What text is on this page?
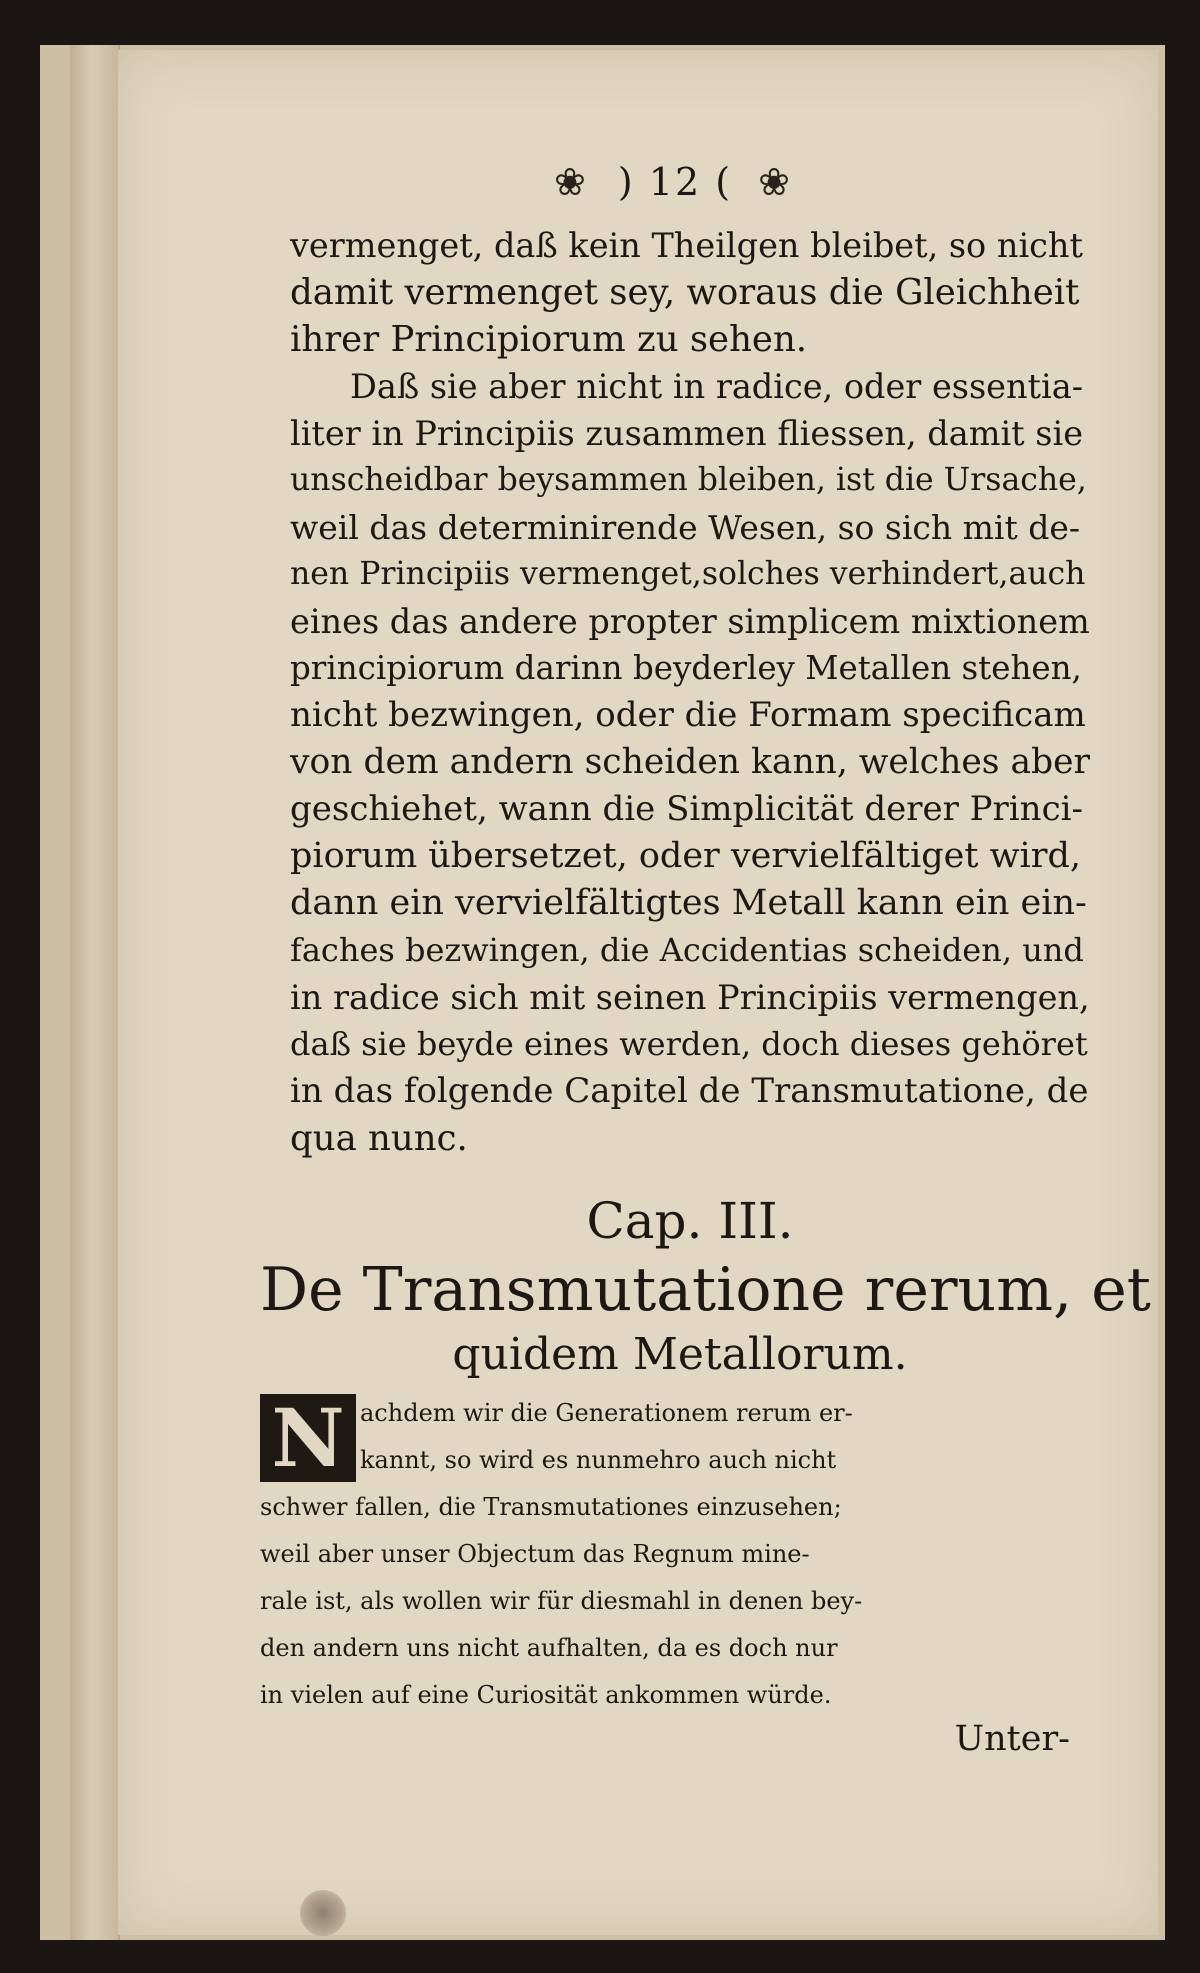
❀ ) 12 ( ❀

vermenget, daß kein Theilgen bleibet, so nicht
damit vermenget sey, woraus die Gleichheit
ihrer Principiorum zu sehen.

Daß sie aber nicht in radice, oder essentia-
liter in Principiis zusammen fliessen, damit sie
unscheidbar beysammen bleiben, ist die Ursache,
weil das determinirende Wesen, so sich mit de-
nen Principiis vermenget,solches verhindert,auch
eines das andere propter simplicem mixtionem
principiorum darinn beyderley Metallen stehen,
nicht bezwingen, oder die Formam specificam
von dem andern scheiden kann, welches aber
geschiehet, wann die Simplicität derer Princi-
piorum übersetzet, oder vervielfältiget wird,
dann ein vervielfältigtes Metall kann ein ein-
faches bezwingen, die Accidentias scheiden, und
in radice sich mit seinen Principiis vermengen,
daß sie beyde eines werden, doch dieses gehöret
in das folgende Capitel de Transmutatione, de
qua nunc.

Cap. III.
De Transmutatione rerum, et
quidem Metallorum.
N achdem wir die Generationem rerum er-
kannt, so wird es nunmehro auch nicht
schwer fallen, die Transmutationes einzusehen;
weil aber unser Objectum das Regnum mine-
rale ist, als wollen wir für diesmahl in denen bey-
den andern uns nicht aufhalten, da es doch nur
in vielen auf eine Curiosität ankommen würde.

Unter-
